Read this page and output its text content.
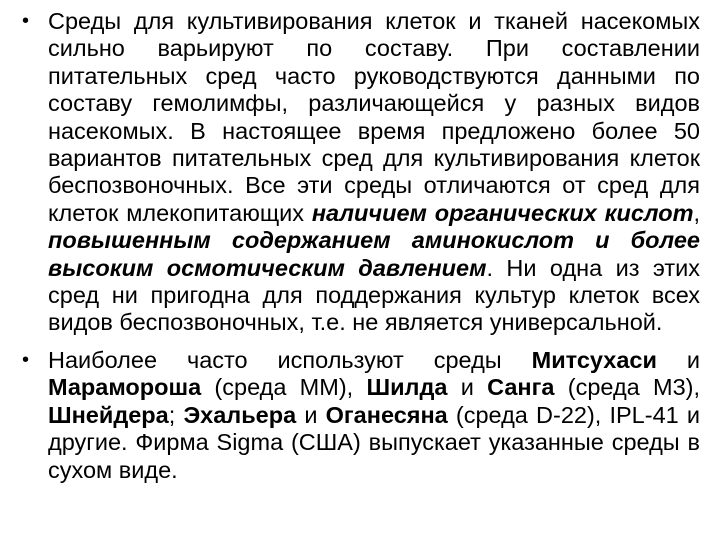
• Среды для культивирования клеток и тканей насекомых сильно варьируют по составу. При составлении питательных сред часто руководствуются данными по составу гемолимфы, различающейся у разных видов насекомых. В настоящее время предложено более 50 вариантов питательных сред для культивирования клеток беспозвоночных. Все эти среды отличаются от сред для клеток млекопитающих наличием органических кислот, повышенным содержанием аминокислот и более высоким осмотическим давлением. Ни одна из этих сред ни пригодна для поддержания культур клеток всех видов беспозвоночных, т.е. не является универсальной.
• Наиболее часто используют среды Митсухаси и Марамороша (среда ММ), Шилда и Санга (среда М3), Шнейдера; Эхальера и Оганесяна (среда D-22), IPL-41 и другие. Фирма Sigma (США) выпускает указанные среды в сухом виде.
